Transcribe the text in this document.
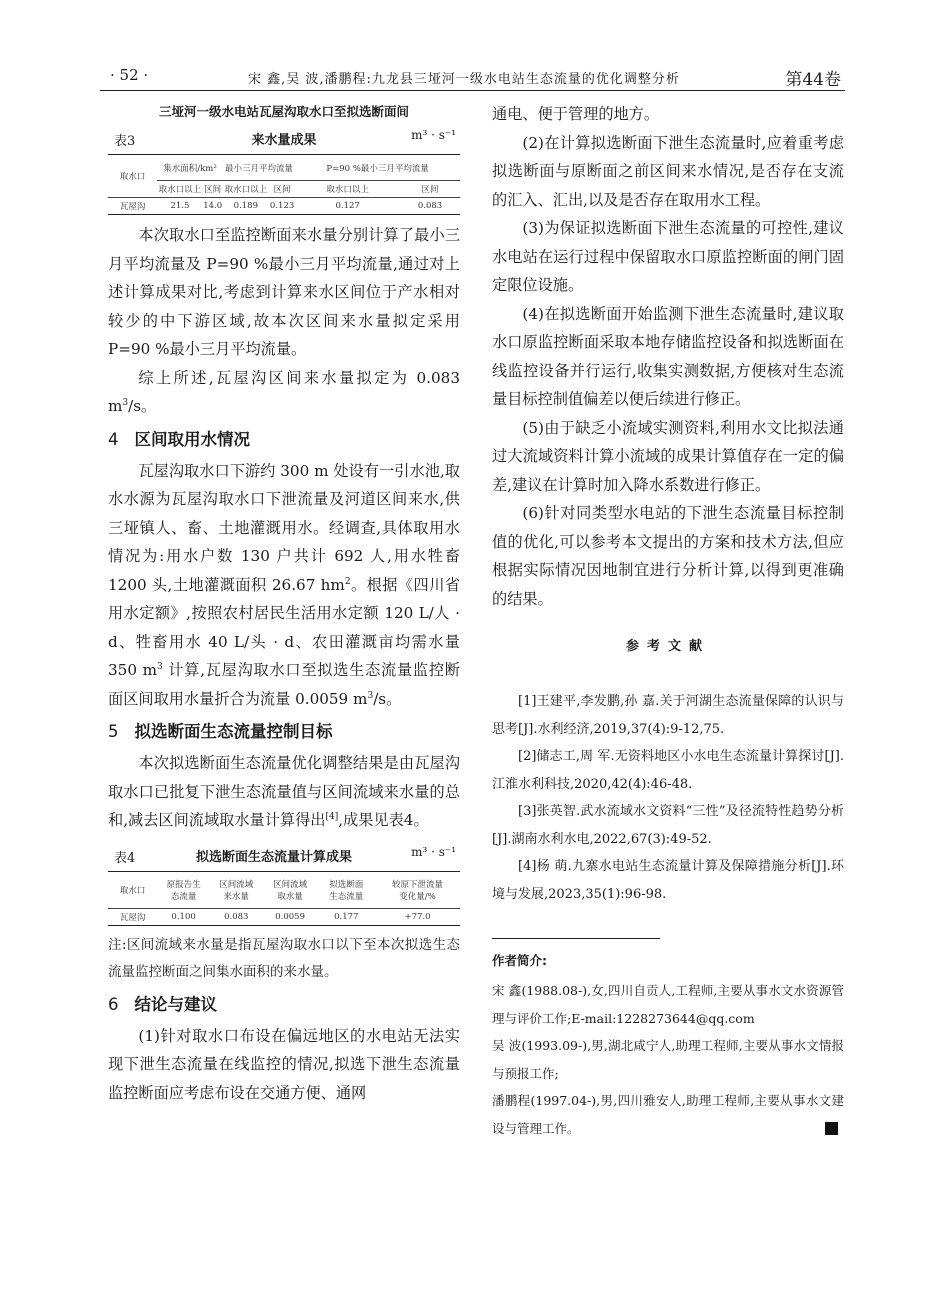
· 52 ·	宋 鑫,吴 波,潘鹏程:九龙县三垭河一级水电站生态流量的优化调整分析	第44卷
三垭河一级水电站瓦屋沟取水口至拟选断面间
表3	来水量成果	m³ · s⁻¹
取水口	集水面积/km²		最小三月平均流量		P=90 %最小三月平均流量	
	取水口以上	区间	取水口以上	区间	取水口以上	区间
瓦屋沟	21.5	14.0	0.189	0.123	0.127	0.083

本次取水口至监控断面来水量分别计算了最小三月平均流量及 P=90 %最小三月平均流量,通过对上述计算成果对比,考虑到计算来水区间位于产水相对较少的中下游区域,故本次区间来水量拟定采用 P=90 %最小三月平均流量。

综上所述,瓦屋沟区间来水量拟定为 0.083 $m^3/s$。

4 区间取用水情况

瓦屋沟取水口下游约 300 m 处设有一引水池,取水水源为瓦屋沟取水口下泄流量及河道区间来水,供三垭镇人、畜、土地灌溉用水。经调查,具体取用水情况为:用水户数 130 户共计 692 人,用水牲畜 1200 头,土地灌溉面积 26.67 $hm^2$。根据《四川省用水定额》,按照农村居民生活用水定额 120 L/人 · d、牲畜用水 40 L/头 · d、农田灌溉亩均需水量 350 $m^3$ 计算,瓦屋沟取水口至拟选生态流量监控断面区间取用水量折合为流量 0.0059 $m^3/s$。

5 拟选断面生态流量控制目标

本次拟选断面生态流量优化调整结果是由瓦屋沟取水口已批复下泄生态流量值与区间流域来水量的总和,减去区间流域取水量计算得出[4],成果见表4。

表4	拟选断面生态流量计算成果	m³ · s⁻¹
取水口	原报告生态流量	区间流域来水量	区间流域取水量	拟选断面生态流量	较原下泄流量变化量/%
瓦屋沟	0.100	0.083	0.0059	0.177	+77.0
注:区间流域来水量是指瓦屋沟取水口以下至本次拟选生态流量监控断面之间集水面积的来水量。
6 结论与建议

(1)针对取水口布设在偏远地区的水电站无法实现下泄生态流量在线监控的情况,拟选下泄生态流量监控断面应考虑布设在交通方便、通网

通电、便于管理的地方。

(2)在计算拟选断面下泄生态流量时,应着重考虑拟选断面与原断面之前区间来水情况,是否存在支流的汇入、汇出,以及是否存在取用水工程。

(3)为保证拟选断面下泄生态流量的可控性,建议水电站在运行过程中保留取水口原监控断面的闸门固定限位设施。

(4)在拟选断面开始监测下泄生态流量时,建议取水口原监控断面采取本地存储监控设备和拟选断面在线监控设备并行运行,收集实测数据,方便核对生态流量目标控制值偏差以便后续进行修正。

(5)由于缺乏小流域实测资料,利用水文比拟法通过大流域资料计算小流域的成果计算值存在一定的偏差,建议在计算时加入降水系数进行修正。

(6)针对同类型水电站的下泄生态流量目标控制值的优化,可以参考本文提出的方案和技术方法,但应根据实际情况因地制宜进行分析计算,以得到更准确的结果。

参考文献

[1]王建平,李发鹏,孙 嘉.关于河湖生态流量保障的认识与思考[J].水利经济,2019,37(4):9-12,75.

[2]储志工,周 军.无资料地区小水电生态流量计算探讨[J].江淮水利科技,2020,42(4):46-48.

[3]张英智.武水流域水文资料“三性”及径流特性趋势分析[J].湖南水利水电,2022,67(3):49-52.

[4]杨 萌.九寨水电站生态流量计算及保障措施分析[J].环境与发展,2023,35(1):96-98.

作者简介:

宋 鑫(1988.08-),女,四川自贡人,工程师,主要从事水文水资源管理与评价工作;E-mail:1228273644@qq.com

吴 波(1993.09-),男,湖北咸宁人,助理工程师,主要从事水文情报与预报工作;

潘鹏程(1997.04-),男,四川雅安人,助理工程师,主要从事水文建设与管理工作。
